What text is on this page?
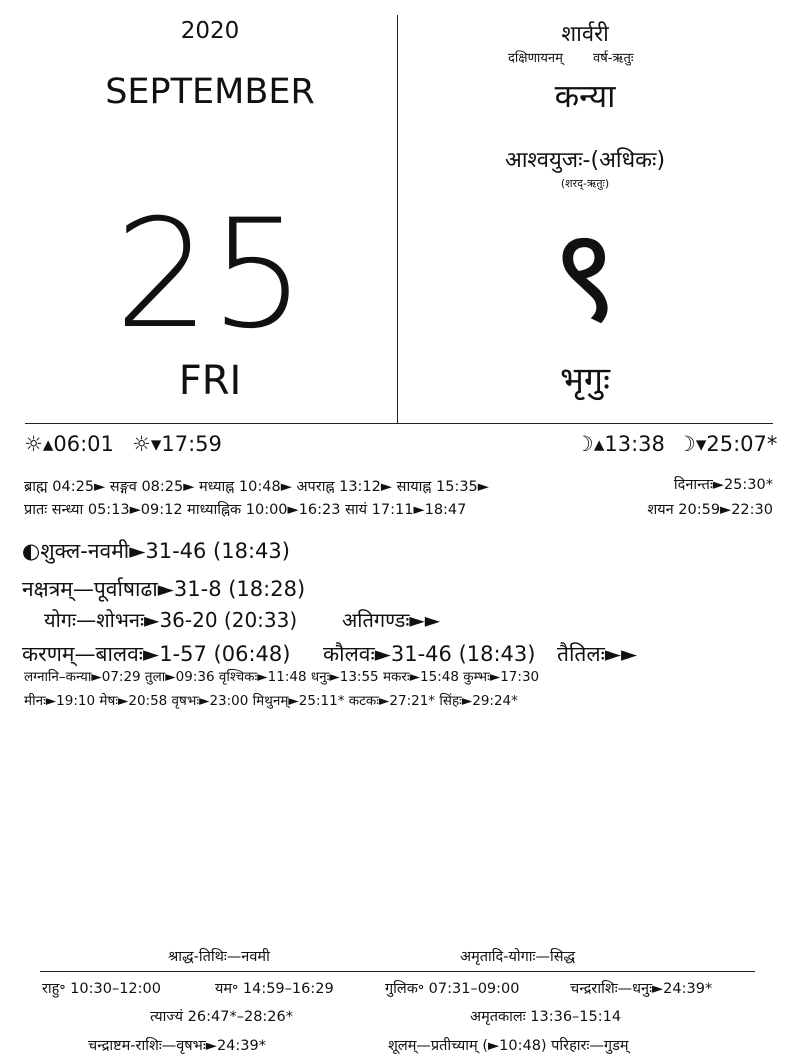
2020
SEPTEMBER
25
FRI
शार्वरी
दक्षिणायनम् वर्ष-ऋतुः
कन्या
आश्वयुजः-(अधिकः)
(शरद्-ऋतुः)
९
भृगुः
☼▴06:01 ☼▾17:59	☽▴13:38 ☽▾25:07*
ब्राह्म 04:25► सङ्गव 08:25► मध्याह्न 10:48► अपराह्न 13:12► सायाह्न 15:35►	दिनान्तः►25:30*
प्रातः सन्ध्या 05:13►09:12 माध्याह्निक 10:00►16:23 सायं 17:11►18:47	शयन 20:59►22:30
◐शुक्ल-नवमी►31-46 (18:43)
नक्षत्रम्—पूर्वाषाढा►31-8 (18:28)
योगः—शोभनः►36-20 (20:33) अतिगण्डः►►
करणम्—बालवः►1-57 (06:48) कौलवः►31-46 (18:43) तैतिलः►►
लग्नानि–कन्या►07:29 तुला►09:36 वृश्चिकः►11:48 धनुः►13:55 मकरः►15:48 कुम्भः►17:30
मीनः►19:10 मेषः►20:58 वृषभः►23:00 मिथुनम्►25:11* कटकः►27:21* सिंहः►29:24*
श्राद्ध-तिथिः—नवमी	अमृतादि-योगाः—सिद्ध
राहु॰ 10:30–12:00	यम॰ 14:59–16:29	गुलिक॰ 07:31–09:00	चन्द्रराशिः—धनुः►24:39*
त्याज्यं 26:47*–28:26*	अमृतकालः 13:36–15:14
चन्द्राष्टम-राशिः—वृषभः►24:39*	शूलम्—प्रतीच्याम् (►10:48) परिहारः—गुडम्
